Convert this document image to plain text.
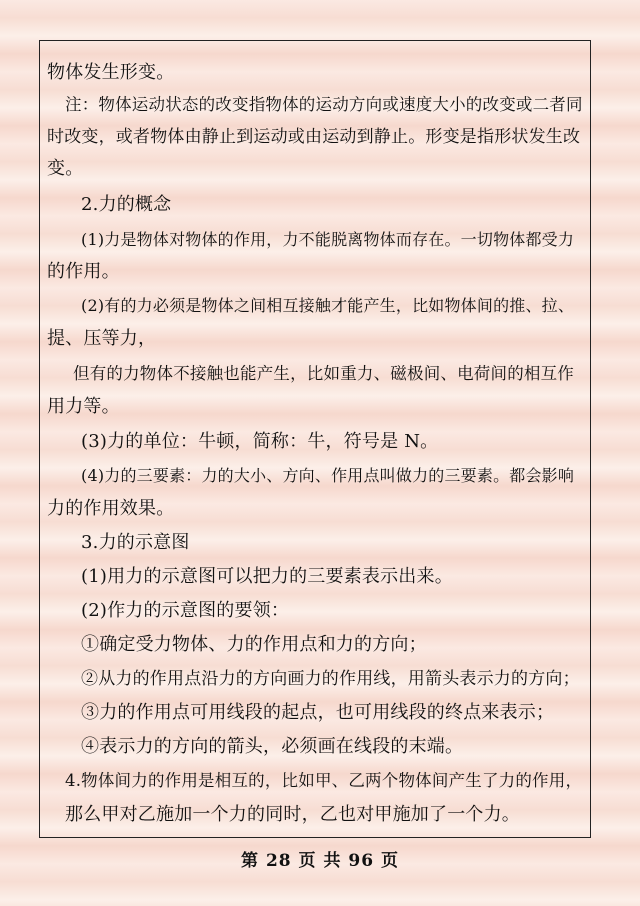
物体发生形变。
注：物体运动状态的改变指物体的运动方向或速度大小的改变或二者同
时改变，或者物体由静止到运动或由运动到静止。形变是指形状发生改
变。
2.力的概念
(1)力是物体对物体的作用，力不能脱离物体而存在。一切物体都受力
的作用。
(2)有的力必须是物体之间相互接触才能产生，比如物体间的推、拉、
提、压等力，
但有的力物体不接触也能产生，比如重力、磁极间、电荷间的相互作
用力等。
(3)力的单位：牛顿，简称：牛，符号是 N。
(4)力的三要素：力的大小、方向、作用点叫做力的三要素。都会影响
力的作用效果。
3.力的示意图
(1)用力的示意图可以把力的三要素表示出来。
(2)作力的示意图的要领：
①确定受力物体、力的作用点和力的方向；
②从力的作用点沿力的方向画力的作用线，用箭头表示力的方向；
③力的作用点可用线段的起点，也可用线段的终点来表示；
④表示力的方向的箭头，必须画在线段的末端。
4.物体间力的作用是相互的，比如甲、乙两个物体间产生了力的作用，
那么甲对乙施加一个力的同时，乙也对甲施加了一个力。
第 28 页 共 96 页
